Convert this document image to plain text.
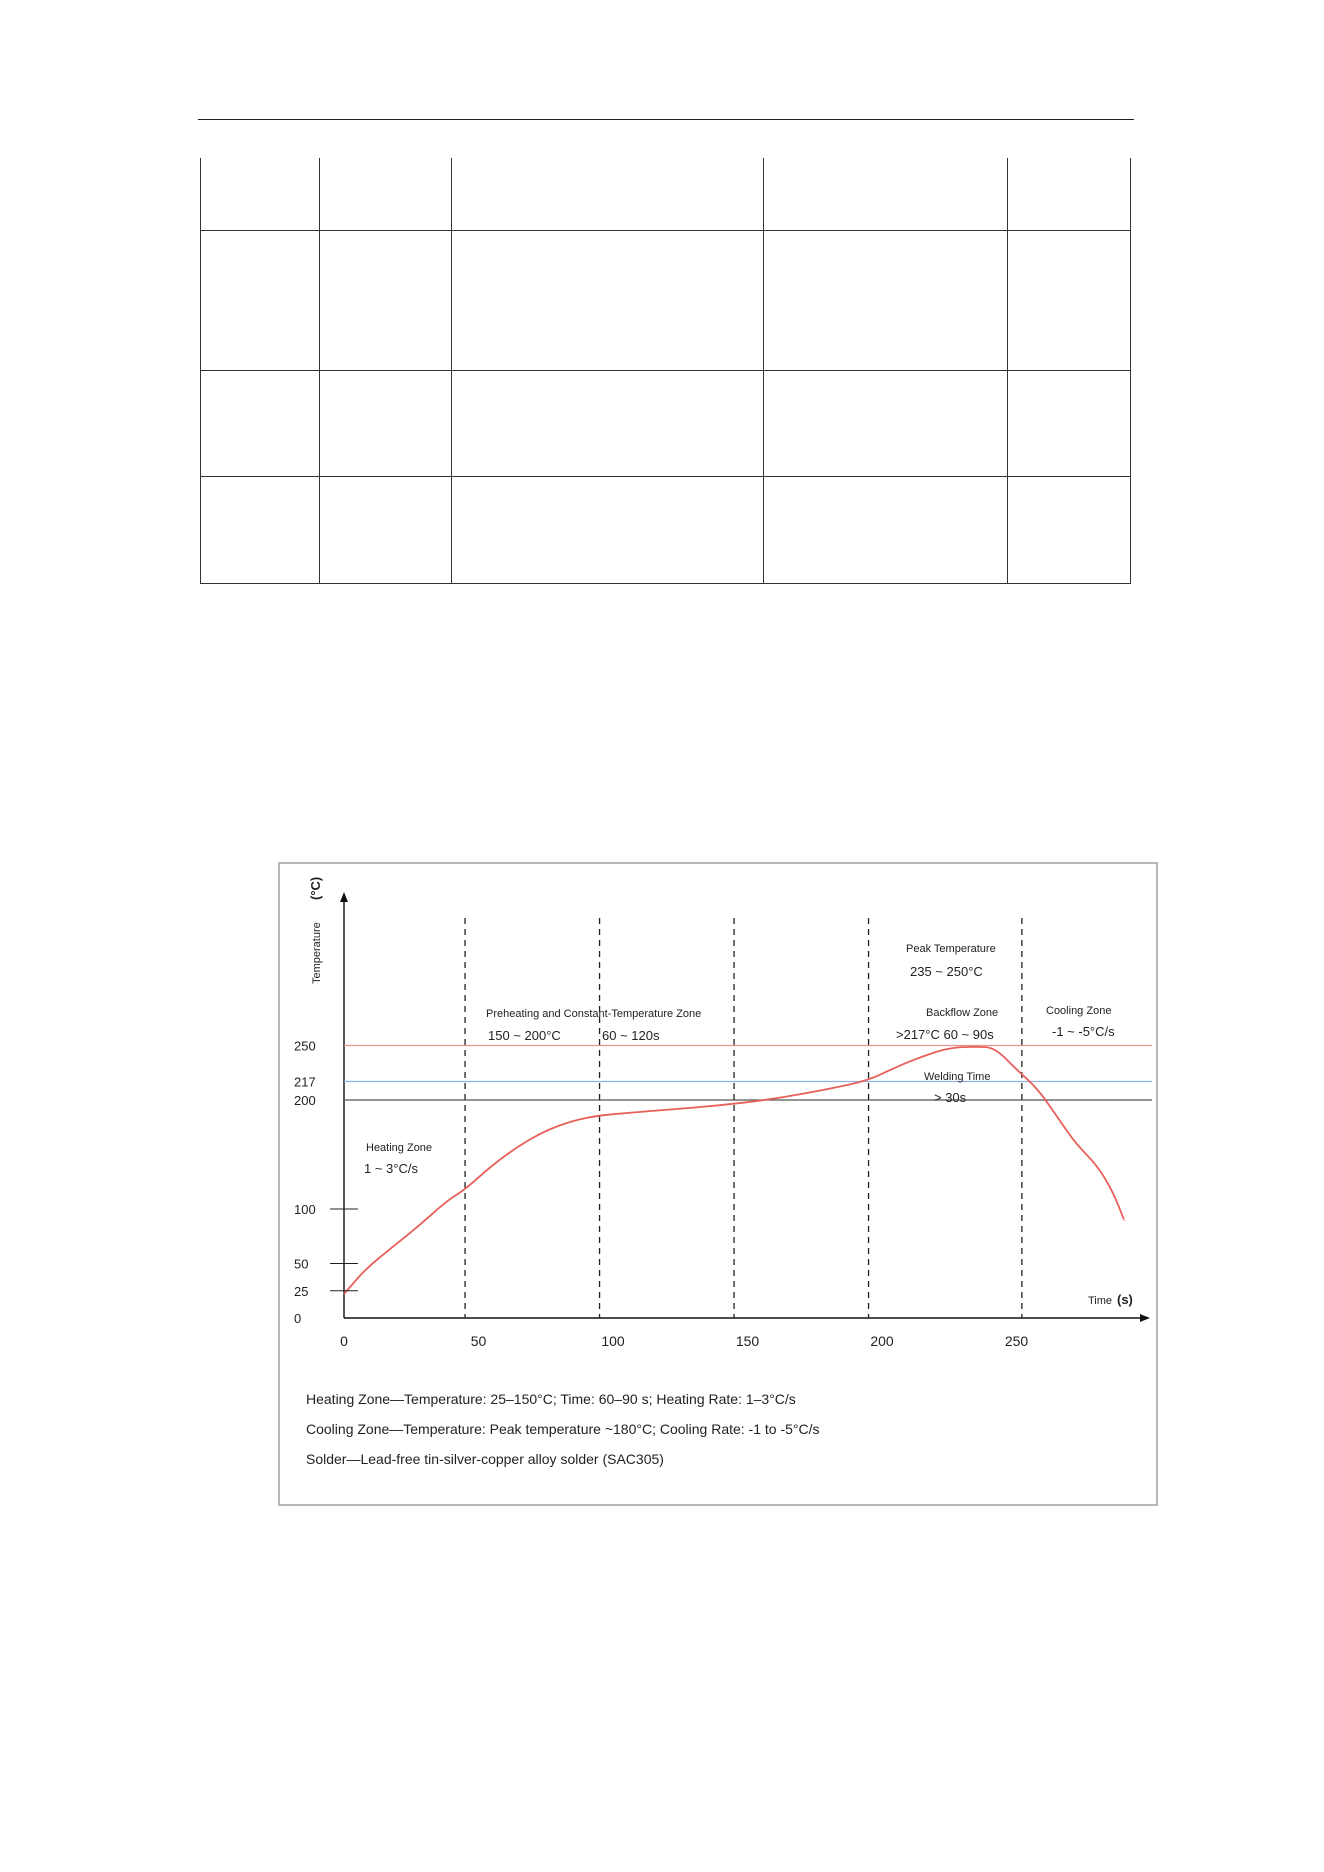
0
25
50
100
200
217
250
0	50	100	150	200	250
Temperature
(°C)
Time (s)
Heating Zone
1 ~ 3°C/s
Preheating and Constant-Temperature Zone
150 ~ 200°C	60 ~ 120s
Peak Temperature
235 ~ 250°C
Backflow Zone
>217°C 60 ~ 90s
Welding Time
> 30s
Cooling Zone
-1 ~ -5°C/s
Heating Zone—Temperature: 25–150°C; Time: 60–90 s; Heating Rate: 1–3°C/s
Cooling Zone—Temperature: Peak temperature ~180°C; Cooling Rate: -1 to -5°C/s
Solder—Lead-free tin-silver-copper alloy solder (SAC305)
